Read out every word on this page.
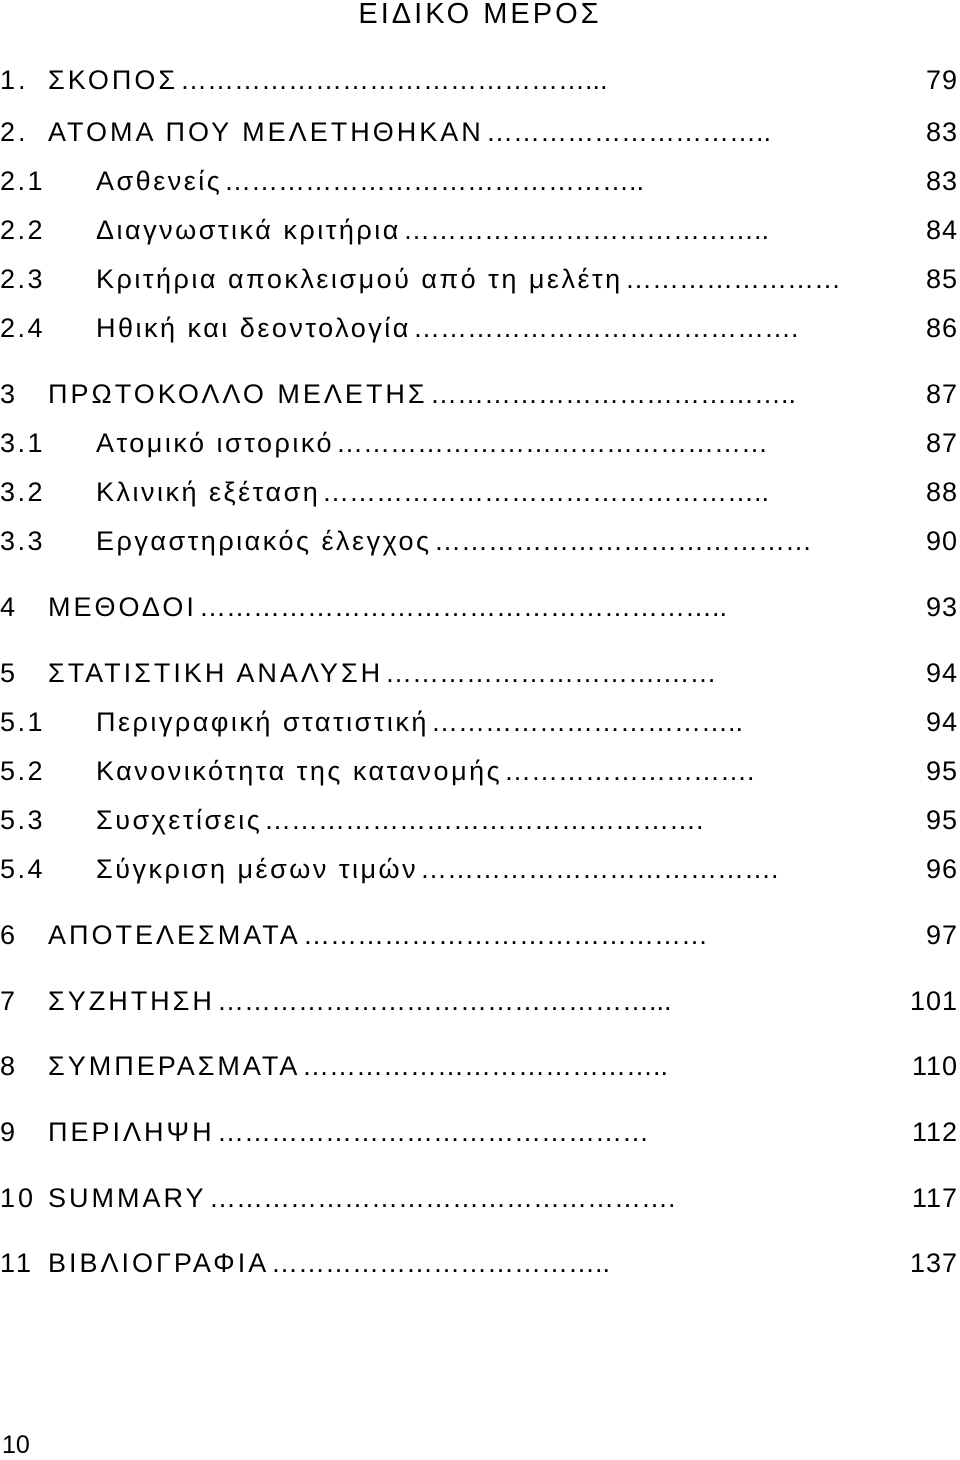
ΕΙΔΙΚΟ ΜΕΡΟΣ
1. ΣΚΟΠΟΣ ………………………………………...	79
2. ΑΤΟΜΑ ΠΟΥ ΜΕΛΕΤΗΘΗΚΑΝ …………………………..	83
2.1 Ασθενείς ………………………………………..	83
2.2 Διαγνωστικά κριτήρια …………………………………..	84
2.3 Κριτήρια αποκλεισμού από τη μελέτη ……………………	85
2.4 Ηθική και δεοντολογία …………………………………….	86
3 ΠΡΩΤΟΚΟΛΛΟ ΜΕΛΕΤΗΣ …………………………………..	87
3.1 Ατομικό ιστορικό …………………………………………	87
3.2 Κλινική εξέταση …………………………………………..	88
3.3 Εργαστηριακός έλεγχος ……………………………………	90
4 ΜΕΘΟΔΟΙ …………………………………………………..	93
5 ΣΤΑΤΙΣΤΙΚΗ ΑΝΑΛΥΣΗ ………………………….……	94
5.1 Περιγραφική στατιστική ……………………………..	94
5.2 Κανονικότητα της κατανομής ……………………….	95
5.3 Συσχετίσεις ………………………………………….	95
5.4 Σύγκριση μέσων τιμών ………………………………….	96
6 ΑΠΟΤΕΛΕΣΜΑΤΑ ………………………………………	97
7 ΣΥΖΗΤΗΣΗ …………………………………………...	101
8 ΣΥΜΠΕΡΑΣΜΑΤΑ …………………………………..	110
9 ΠΕΡΙΛΗΨΗ …………………………………………	112
10 SUMMARY …………………………………………….	117
11 ΒΙΒΛΙΟΓΡΑΦΙΑ ………………………………..	137
10
